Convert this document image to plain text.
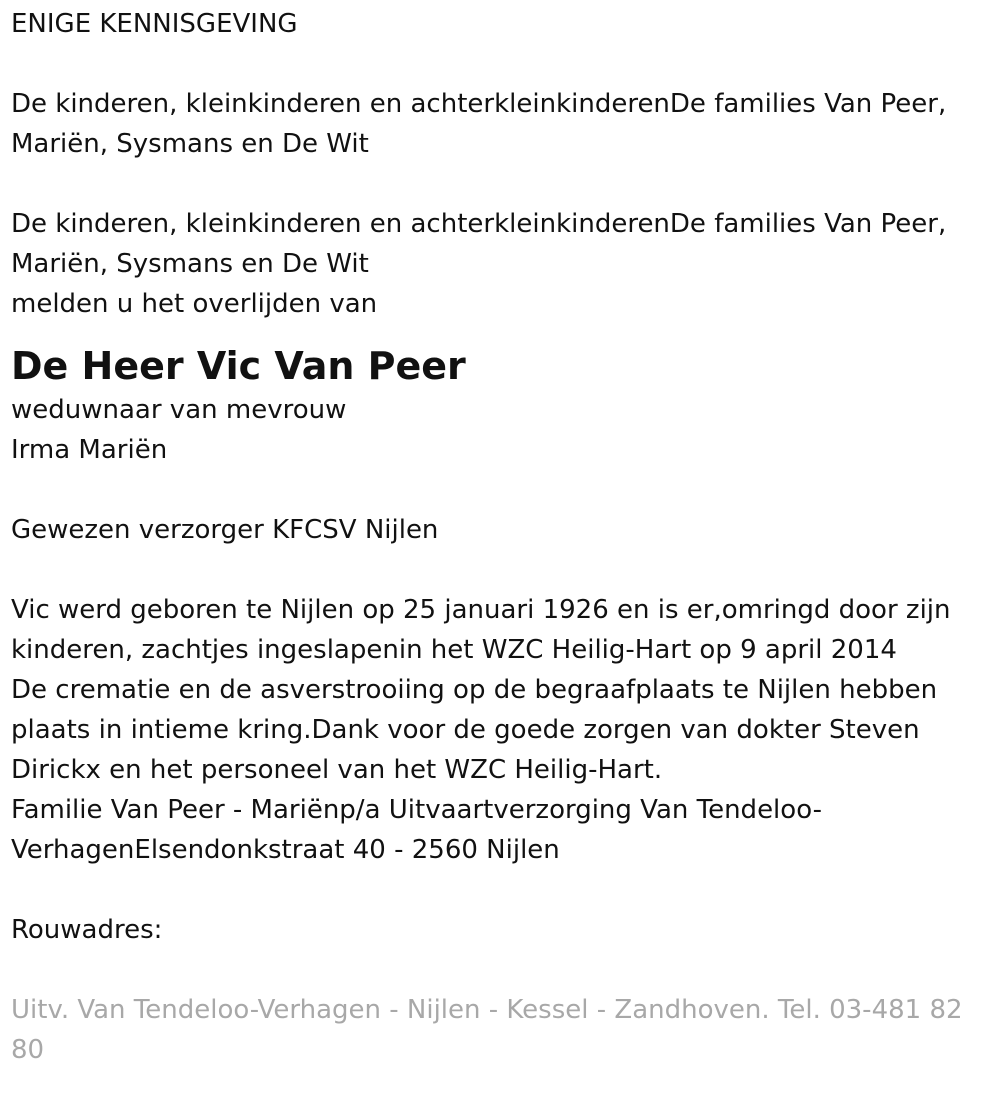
ENIGE KENNISGEVING
De kinderen, kleinkinderen en achterkleinkinderenDe families Van Peer, Mariën, Sysmans en De Wit
De kinderen, kleinkinderen en achterkleinkinderenDe families Van Peer, Mariën, Sysmans en De Wit
melden u het overlijden van
De Heer Vic Van Peer
weduwnaar van mevrouw
Irma Mariën
Gewezen verzorger KFCSV Nijlen
Vic werd geboren te Nijlen op 25 januari 1926 en is er,omringd door zijn kinderen, zachtjes ingeslapenin het WZC Heilig-Hart op 9 april 2014
De crematie en de asverstrooiing op de begraafplaats te Nijlen hebben plaats in intieme kring.Dank voor de goede zorgen van dokter Steven Dirickx en het personeel van het WZC Heilig-Hart.
Familie Van Peer - Mariënp/a Uitvaartverzorging Van Tendeloo-VerhagenElsendonkstraat 40 - 2560 Nijlen
Rouwadres:
Uitv. Van Tendeloo-Verhagen - Nijlen - Kessel - Zandhoven. Tel. 03-481 82 80
